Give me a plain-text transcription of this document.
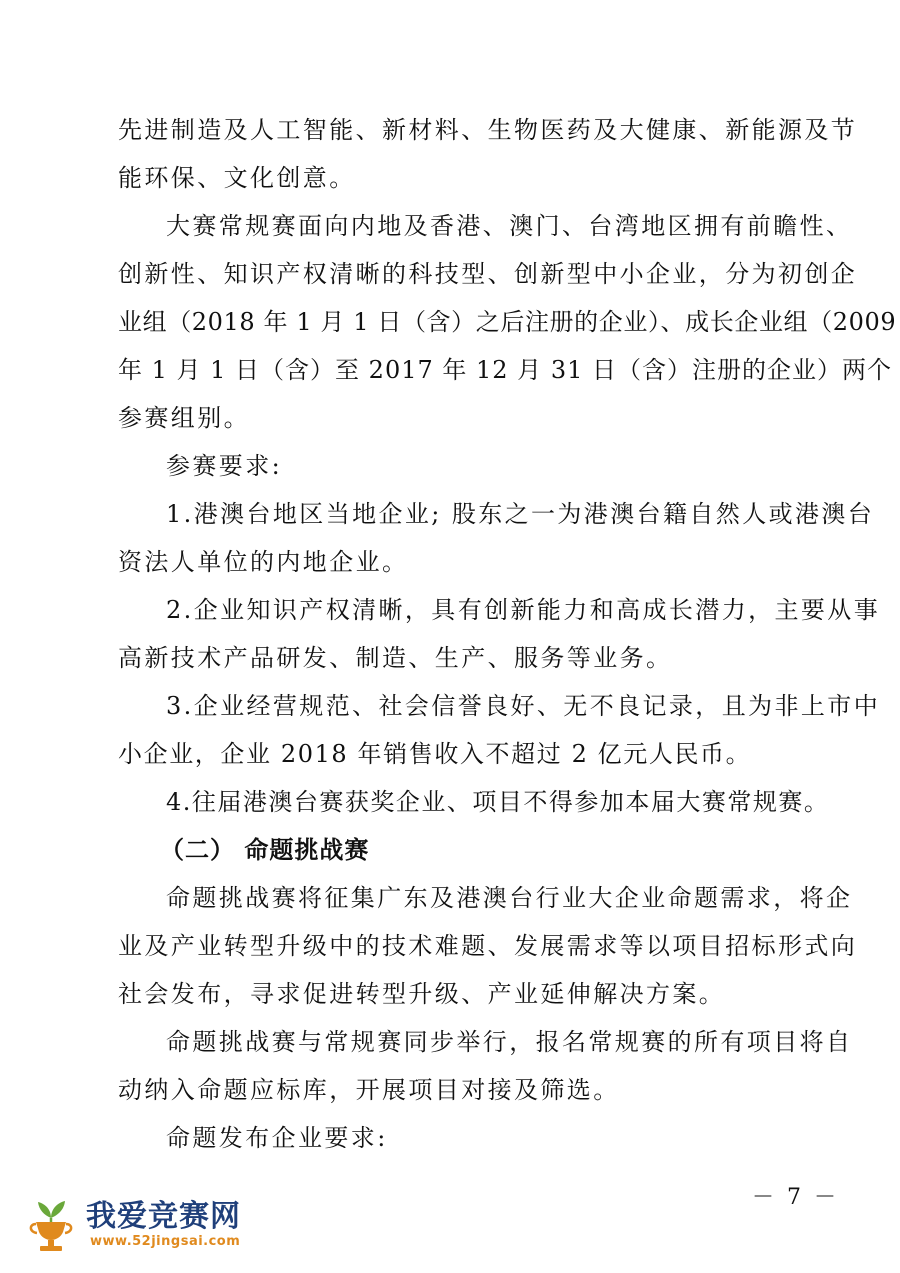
先进制造及人工智能、新材料、生物医药及大健康、新能源及节
能环保、文化创意。
大赛常规赛面向内地及香港、澳门、台湾地区拥有前瞻性、
创新性、知识产权清晰的科技型、创新型中小企业，分为初创企
业组（2018 年 1 月 1 日（含）之后注册的企业）、成长企业组（2009
年 1 月 1 日（含）至 2017 年 12 月 31 日（含）注册的企业）两个
参赛组别。
参赛要求:
1.港澳台地区当地企业; 股东之一为港澳台籍自然人或港澳台
资法人单位的内地企业。
2.企业知识产权清晰，具有创新能力和高成长潜力，主要从事
高新技术产品研发、制造、生产、服务等业务。
3.企业经营规范、社会信誉良好、无不良记录，且为非上市中
小企业，企业 2018 年销售收入不超过 2 亿元人民币。
4.往届港澳台赛获奖企业、项目不得参加本届大赛常规赛。
（二） 命题挑战赛
命题挑战赛将征集广东及港澳台行业大企业命题需求，将企
业及产业转型升级中的技术难题、发展需求等以项目招标形式向
社会发布，寻求促进转型升级、产业延伸解决方案。
命题挑战赛与常规赛同步举行，报名常规赛的所有项目将自
动纳入命题应标库，开展项目对接及筛选。
命题发布企业要求:
－ 7 －
我爱竞赛网
www.52jingsai.com
